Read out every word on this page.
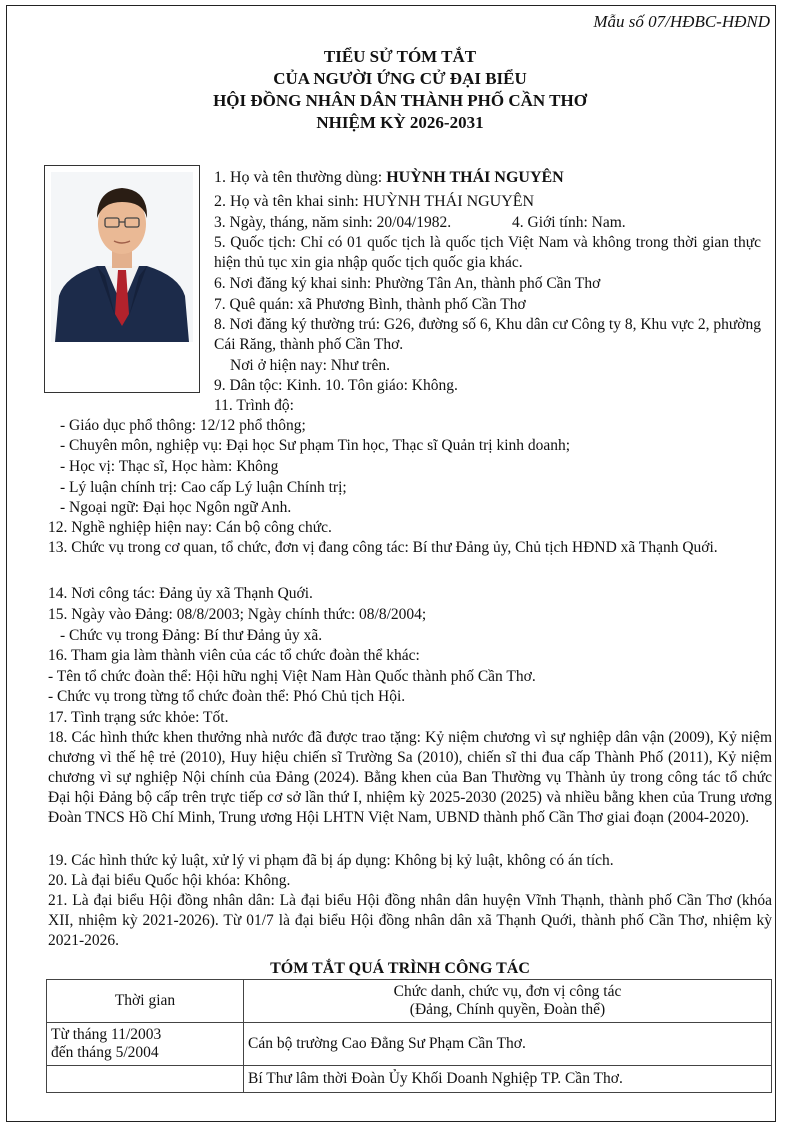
Mẫu số 07/HĐBC-HĐND
TIỂU SỬ TÓM TẮT
CỦA NGƯỜI ỨNG CỬ ĐẠI BIỂU
HỘI ĐỒNG NHÂN DÂN THÀNH PHỐ CẦN THƠ
NHIỆM KỲ 2026-2031
1. Họ và tên thường dùng: HUỲNH THÁI NGUYÊN
2. Họ và tên khai sinh: HUỲNH THÁI NGUYÊN
3. Ngày, tháng, năm sinh: 20/04/1982.	4. Giới tính: Nam.
5. Quốc tịch: Chỉ có 01 quốc tịch là quốc tịch Việt Nam và không trong thời gian thực hiện thủ tục xin gia nhập quốc tịch quốc gia khác.
6. Nơi đăng ký khai sinh: Phường Tân An, thành phố Cần Thơ
7. Quê quán: xã Phương Bình, thành phố Cần Thơ
8. Nơi đăng ký thường trú: G26, đường số 6, Khu dân cư Công ty 8, Khu vực 2, phường Cái Răng, thành phố Cần Thơ.
Nơi ở hiện nay: Như trên.
9. Dân tộc: Kinh. 10. Tôn giáo: Không.
11. Trình độ:
- Giáo dục phổ thông: 12/12 phổ thông;
- Chuyên môn, nghiệp vụ: Đại học Sư phạm Tin học, Thạc sĩ Quản trị kinh doanh;
- Học vị: Thạc sĩ, Học hàm: Không
- Lý luận chính trị: Cao cấp Lý luận Chính trị;
- Ngoại ngữ: Đại học Ngôn ngữ Anh.
12. Nghề nghiệp hiện nay: Cán bộ công chức.
13. Chức vụ trong cơ quan, tổ chức, đơn vị đang công tác: Bí thư Đảng ủy, Chủ tịch HĐND xã Thạnh Quới.
14. Nơi công tác: Đảng ủy xã Thạnh Quới.
15. Ngày vào Đảng: 08/8/2003; Ngày chính thức: 08/8/2004;
- Chức vụ trong Đảng: Bí thư Đảng ủy xã.
16. Tham gia làm thành viên của các tổ chức đoàn thể khác:
- Tên tổ chức đoàn thể: Hội hữu nghị Việt Nam Hàn Quốc thành phố Cần Thơ.
- Chức vụ trong từng tổ chức đoàn thể: Phó Chủ tịch Hội.
17. Tình trạng sức khỏe: Tốt.
18. Các hình thức khen thưởng nhà nước đã được trao tặng: Kỷ niệm chương vì sự nghiệp dân vận (2009), Kỷ niệm chương vì thế hệ trẻ (2010), Huy hiệu chiến sĩ Trường Sa (2010), chiến sĩ thi đua cấp Thành Phố (2011), Kỷ niệm chương vì sự nghiệp Nội chính của Đảng (2024). Bằng khen của Ban Thường vụ Thành ủy trong công tác tổ chức Đại hội Đảng bộ cấp trên trực tiếp cơ sở lần thứ I, nhiệm kỳ 2025-2030 (2025) và nhiều bằng khen của Trung ương Đoàn TNCS Hồ Chí Minh, Trung ương Hội LHTN Việt Nam, UBND thành phố Cần Thơ giai đoạn (2004-2020).
19. Các hình thức kỷ luật, xử lý vi phạm đã bị áp dụng: Không bị kỷ luật, không có án tích.
20. Là đại biểu Quốc hội khóa: Không.
21. Là đại biểu Hội đồng nhân dân: Là đại biểu Hội đồng nhân dân huyện Vĩnh Thạnh, thành phố Cần Thơ (khóa XII, nhiệm kỳ 2021-2026). Từ 01/7 là đại biểu Hội đồng nhân dân xã Thạnh Quới, thành phố Cần Thơ, nhiệm kỳ 2021-2026.
TÓM TẮT QUÁ TRÌNH CÔNG TÁC
Thời gian	Chức danh, chức vụ, đơn vị công tác
(Đảng, Chính quyền, Đoàn thể)

Từ tháng 11/2003
đến tháng 5/2004	Cán bộ trường Cao Đẳng Sư Phạm Cần Thơ.

	Bí Thư lâm thời Đoàn Ủy Khối Doanh Nghiệp TP. Cần Thơ.
